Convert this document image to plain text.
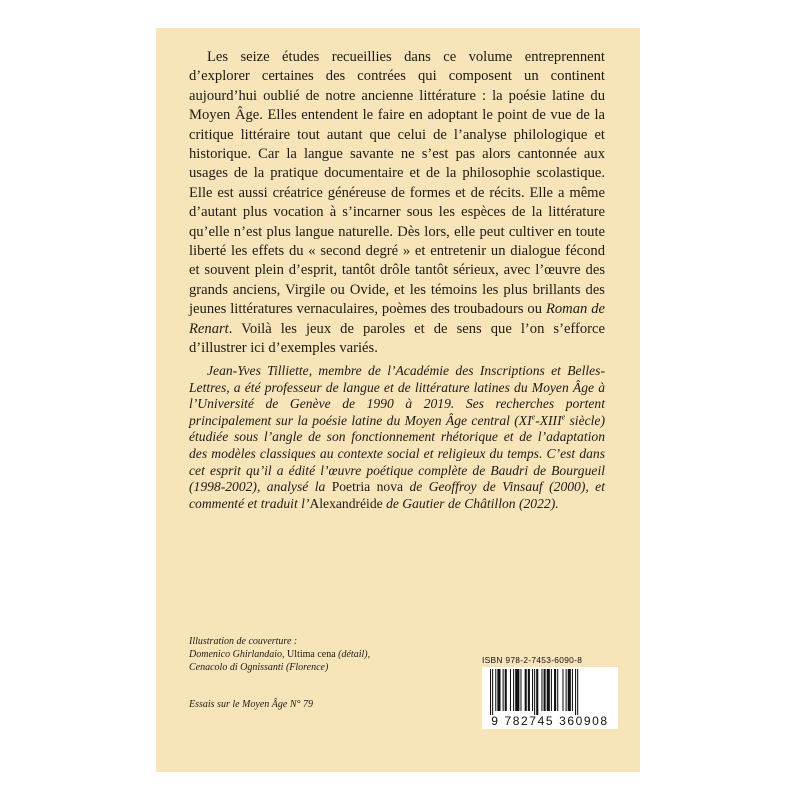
Les seize études recueillies dans ce volume entreprennent d’explorer certaines des contrées qui composent un continent aujourd’hui oublié de notre ancienne littérature : la poésie latine du Moyen Âge. Elles entendent le faire en adoptant le point de vue de la critique littéraire tout autant que celui de l’analyse philologique et historique. Car la langue savante ne s’est pas alors cantonnée aux usages de la pratique documentaire et de la philosophie scolastique. Elle est aussi créatrice généreuse de formes et de récits. Elle a même d’autant plus vocation à s’incarner sous les espèces de la littérature qu’elle n’est plus langue naturelle. Dès lors, elle peut cultiver en toute liberté les effets du « second degré » et entretenir un dialogue fécond et souvent plein d’esprit, tantôt drôle tantôt sérieux, avec l’œuvre des grands anciens, Virgile ou Ovide, et les témoins les plus brillants des jeunes littératures vernaculaires, poèmes des troubadours ou Roman de Renart. Voilà les jeux de paroles et de sens que l’on s’efforce d’illustrer ici d’exemples variés.

Jean-Yves Tilliette, membre de l’Académie des Inscriptions et Belles-Lettres, a été professeur de langue et de littérature latines du Moyen Âge à l’Université de Genève de 1990 à 2019. Ses recherches portent principalement sur la poésie latine du Moyen Âge central (XIe-XIIIe siècle) étudiée sous l’angle de son fonctionnement rhétorique et de l’adaptation des modèles classiques au contexte social et religieux du temps. C’est dans cet esprit qu’il a édité l’œuvre poétique complète de Baudri de Bourgueil (1998-2002), analysé la Poetria nova de Geoffroy de Vinsauf (2000), et commenté et traduit l’Alexandréide de Gautier de Châtillon (2022).

Illustration de couverture :
Domenico Ghirlandaio, Ultima cena (détail),
Cenacolo di Ognissanti (Florence)
Essais sur le Moyen Âge N° 79
ISBN 978-2-7453-6090-8
9 782745 360908
